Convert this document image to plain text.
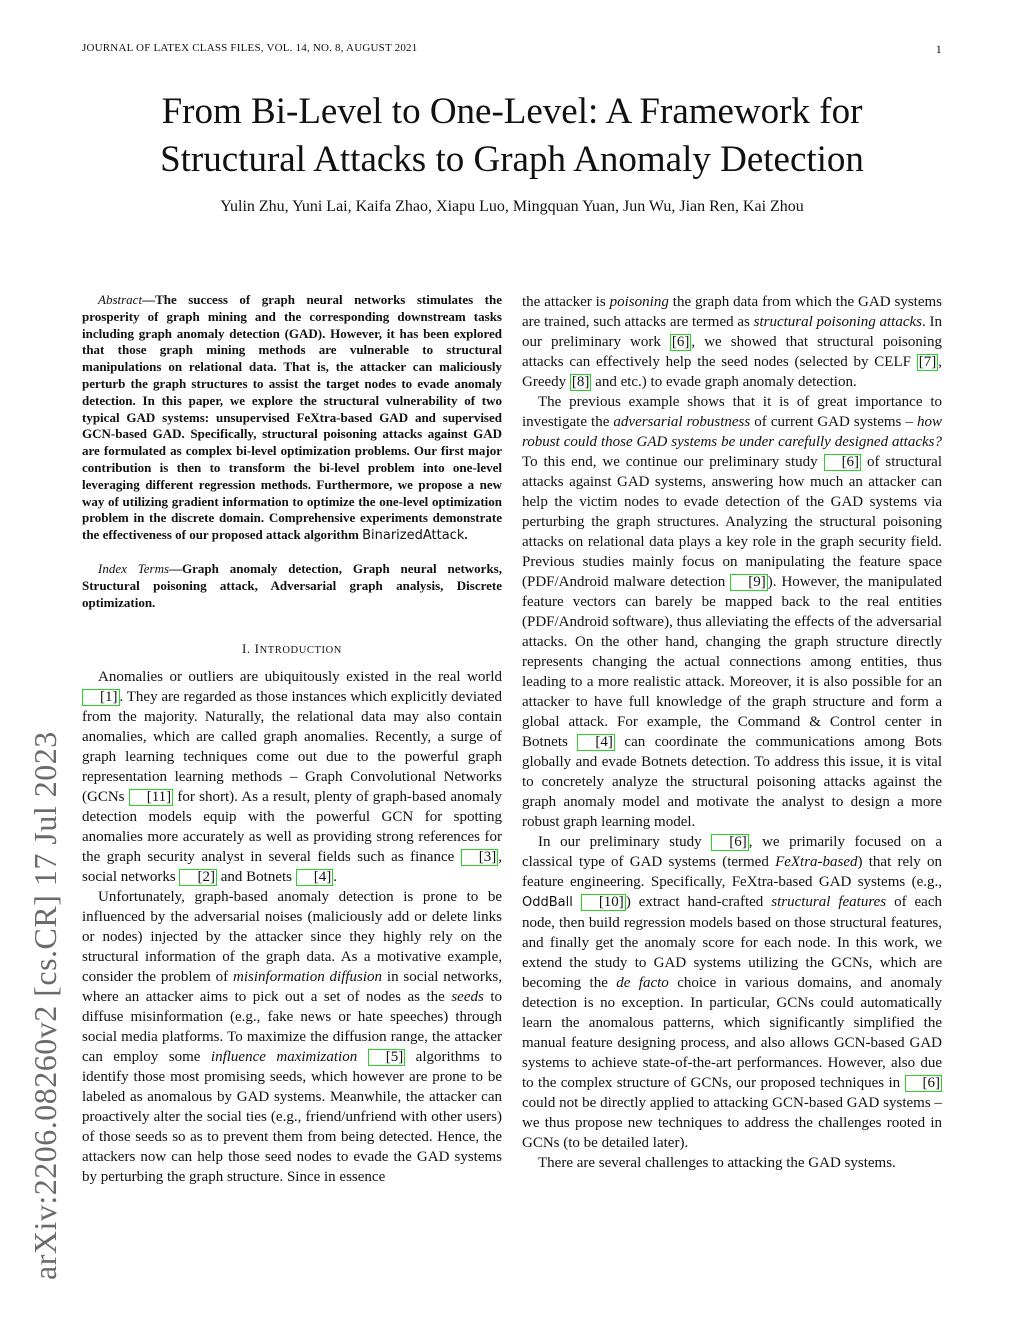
JOURNAL OF LATEX CLASS FILES, VOL. 14, NO. 8, AUGUST 2021	1
arXiv:2206.08260v2 [cs.CR] 17 Jul 2023
From Bi-Level to One-Level: A Framework for
Structural Attacks to Graph Anomaly Detection
Yulin Zhu, Yuni Lai, Kaifa Zhao, Xiapu Luo, Mingquan Yuan, Jun Wu, Jian Ren, Kai Zhou

Abstract—The success of graph neural networks stimulates the prosperity of graph mining and the corresponding downstream tasks including graph anomaly detection (GAD). However, it has been explored that those graph mining methods are vulnerable to structural manipulations on relational data. That is, the attacker can maliciously perturb the graph structures to assist the target nodes to evade anomaly detection. In this paper, we explore the structural vulnerability of two typical GAD systems: unsupervised FeXtra-based GAD and supervised GCN-based GAD. Specifically, structural poisoning attacks against GAD are formulated as complex bi-level optimization problems. Our first major contribution is then to transform the bi-level problem into one-level leveraging different regression methods. Furthermore, we propose a new way of utilizing gradient information to optimize the one-level optimization problem in the discrete domain. Comprehensive experiments demonstrate the effectiveness of our proposed attack algorithm BinarizedAttack.

Index Terms—Graph anomaly detection, Graph neural networks, Structural poisoning attack, Adversarial graph analysis, Discrete optimization.

I. INTRODUCTION

Anomalies or outliers are ubiquitously existed in the real world [1] . They are regarded as those instances which explicitly deviated from the majority. Naturally, the relational data may also contain anomalies, which are called graph anomalies. Recently, a surge of graph learning techniques come out due to the powerful graph representation learning methods – Graph Convolutional Networks (GCNs [11] for short). As a result, plenty of graph-based anomaly detection models equip with the powerful GCN for spotting anomalies more accurately as well as providing strong references for the graph security analyst in several fields such as finance [3] , social networks [2] and Botnets [4] .

Unfortunately, graph-based anomaly detection is prone to be influenced by the adversarial noises (maliciously add or delete links or nodes) injected by the attacker since they highly rely on the structural information of the graph data. As a motivative example, consider the problem of misinformation diffusion in social networks, where an attacker aims to pick out a set of nodes as the seeds to diffuse misinformation (e.g., fake news or hate speeches) through social media platforms. To maximize the diffusion range, the attacker can employ some influence maximization [5] algorithms to identify those most promising seeds, which however are prone to be labeled as anomalous by GAD systems. Meanwhile, the attacker can proactively alter the social ties (e.g., friend/unfriend with other users) of those seeds so as to prevent them from being detected. Hence, the attackers now can help those seed nodes to evade the GAD systems by perturbing the graph structure. Since in essence

the attacker is poisoning the graph data from which the GAD systems are trained, such attacks are termed as structural poisoning attacks. In our preliminary work [6] , we showed that structural poisoning attacks can effectively help the seed nodes (selected by CELF [7] , Greedy [8] and etc.) to evade graph anomaly detection.

The previous example shows that it is of great importance to investigate the adversarial robustness of current GAD systems – how robust could those GAD systems be under carefully designed attacks? To this end, we continue our preliminary study [6] of structural attacks against GAD systems, answering how much an attacker can help the victim nodes to evade detection of the GAD systems via perturbing the graph structures. Analyzing the structural poisoning attacks on relational data plays a key role in the graph security field. Previous studies mainly focus on manipulating the feature space (PDF/Android malware detection [9] ). However, the manipulated feature vectors can barely be mapped back to the real entities (PDF/Android software), thus alleviating the effects of the adversarial attacks. On the other hand, changing the graph structure directly represents changing the actual connections among entities, thus leading to a more realistic attack. Moreover, it is also possible for an attacker to have full knowledge of the graph structure and form a global attack. For example, the Command & Control center in Botnets [4] can coordinate the communications among Bots globally and evade Botnets detection. To address this issue, it is vital to concretely analyze the structural poisoning attacks against the graph anomaly model and motivate the analyst to design a more robust graph learning model.

In our preliminary study [6] , we primarily focused on a classical type of GAD systems (termed FeXtra-based) that rely on feature engineering. Specifically, FeXtra-based GAD systems (e.g., OddBall [10] ) extract hand-crafted structural features of each node, then build regression models based on those structural features, and finally get the anomaly score for each node. In this work, we extend the study to GAD systems utilizing the GCNs, which are becoming the de facto choice in various domains, and anomaly detection is no exception. In particular, GCNs could automatically learn the anomalous patterns, which significantly simplified the manual feature designing process, and also allows GCN-based GAD systems to achieve state-of-the-art performances. However, also due to the complex structure of GCNs, our proposed techniques in [6] could not be directly applied to attacking GCN-based GAD systems – we thus propose new techniques to address the challenges rooted in GCNs (to be detailed later).

There are several challenges to attacking the GAD systems.
